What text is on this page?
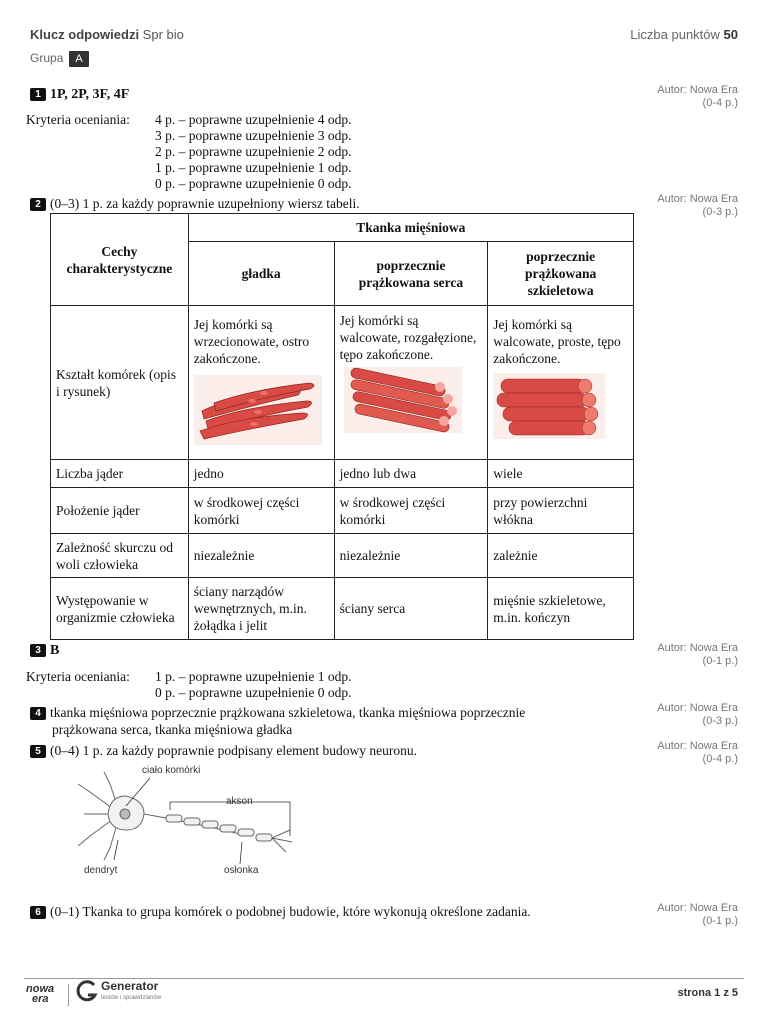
Klucz odpowiedzi Spr bio	Liczba punktów 50
Grupa A
1 1P, 2P, 3F, 4F	Autor: Nowa Era
(0-4 p.)
Kryteria oceniania: 4 p. – poprawne uzupełnienie 4 odp.
3 p. – poprawne uzupełnienie 3 odp.
2 p. – poprawne uzupełnienie 2 odp.
1 p. – poprawne uzupełnienie 1 odp.
0 p. – poprawne uzupełnienie 0 odp.
2 (0–3) 1 p. za każdy poprawnie uzupełniony wiersz tabeli.	Autor: Nowa Era
(0-3 p.)
Cechy charakterystyczne	Tkanka mięśniowa		
	gładka	poprzecznie prążkowana serca	poprzecznie prążkowana szkieletowa
Kształt komórek (opis i rysunek)	Jej komórki są wrzecionowate, ostro zakończone.	Jej komórki są walcowate, rozgałęzione, tępo zakończone.	Jej komórki są walcowate, proste, tępo zakończone.

Liczba jąder	jedno	jedno lub dwa	wiele
Położenie jąder	w środkowej części komórki	w środkowej części komórki	przy powierzchni włókna
Zależność skurczu od woli człowieka	niezależnie	niezależnie	zależnie
Występowanie w organizmie człowieka	ściany narządów wewnętrznych, m.in. żołądka i jelit	ściany serca	mięśnie szkieletowe, m.in. kończyn
3 B	Autor: Nowa Era
(0-1 p.)
Kryteria oceniania: 1 p. – poprawne uzupełnienie 1 odp.
0 p. – poprawne uzupełnienie 0 odp.
4 tkanka mięśniowa poprzecznie prążkowana szkieletowa, tkanka mięśniowa poprzecznie
prążkowana serca, tkanka mięśniowa gładka
Autor: Nowa Era
(0-3 p.)
5 (0–4) 1 p. za każdy poprawnie podpisany element budowy neuronu.	Autor: Nowa Era
(0-4 p.)
ciało komórki
akson
dendryt	osłonka
6 (0–1) Tkanka to grupa komórek o podobnej budowie, które wykonują określone zadania.	Autor: Nowa Era
(0-1 p.)
nowa
era
Generator
testów i sprawdzianów	strona 1 z 5
